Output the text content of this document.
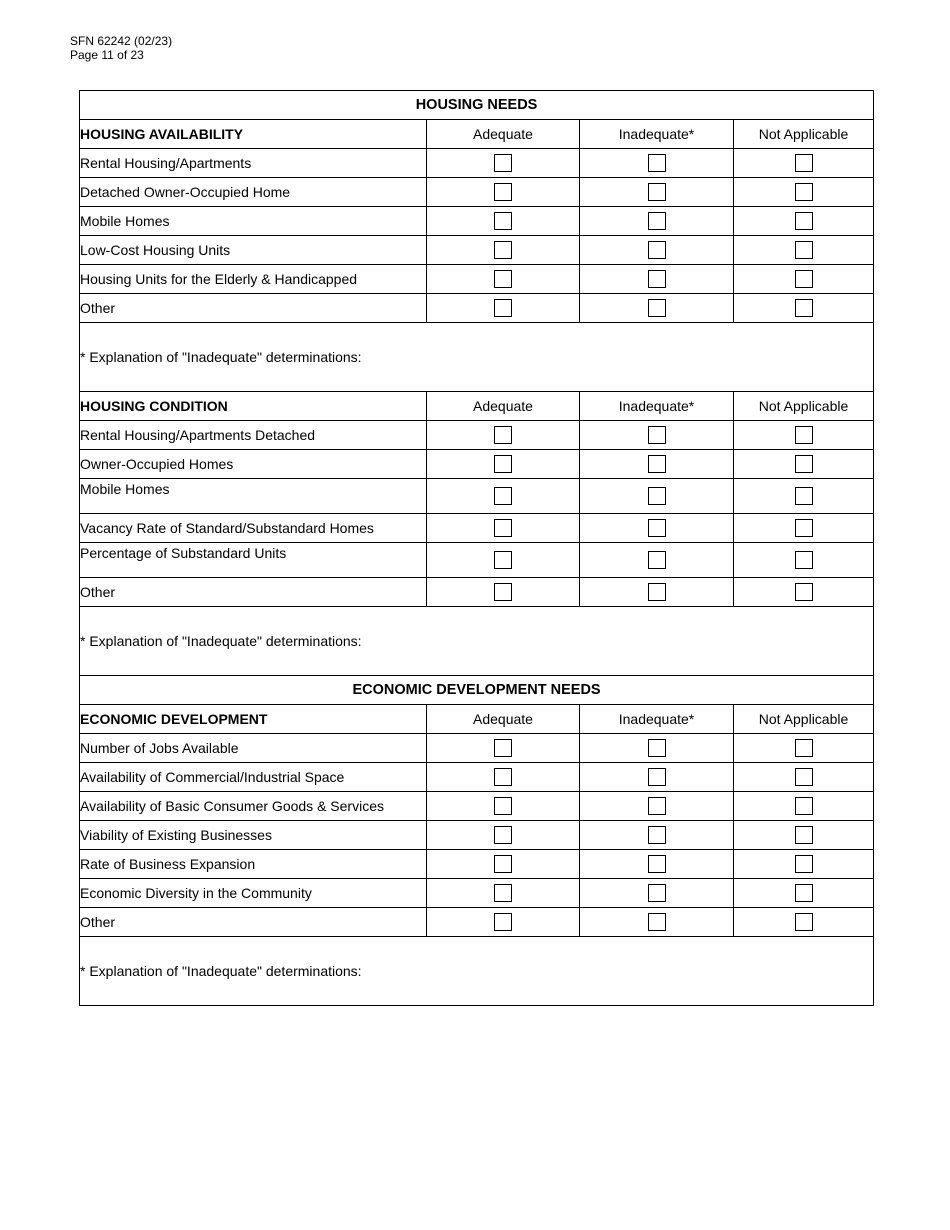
SFN 62242 (02/23)
Page 11 of 23
HOUSING NEEDS			
HOUSING AVAILABILITY	Adequate	Inadequate*	Not Applicable
Rental Housing/Apartments			
Detached Owner-Occupied Home			
Mobile Homes			
Low-Cost Housing Units			
Housing Units for the Elderly & Handicapped			
Other			
* Explanation of "Inadequate" determinations:			
HOUSING CONDITION	Adequate	Inadequate*	Not Applicable
Rental Housing/Apartments Detached			
Owner-Occupied Homes			
Mobile Homes			
Vacancy Rate of Standard/Substandard Homes			
Percentage of Substandard Units			
Other			
* Explanation of "Inadequate" determinations:			
ECONOMIC DEVELOPMENT NEEDS			
ECONOMIC DEVELOPMENT	Adequate	Inadequate*	Not Applicable
Number of Jobs Available			
Availability of Commercial/Industrial Space			
Availability of Basic Consumer Goods & Services			
Viability of Existing Businesses			
Rate of Business Expansion			
Economic Diversity in the Community			
Other			
* Explanation of "Inadequate" determinations:			
